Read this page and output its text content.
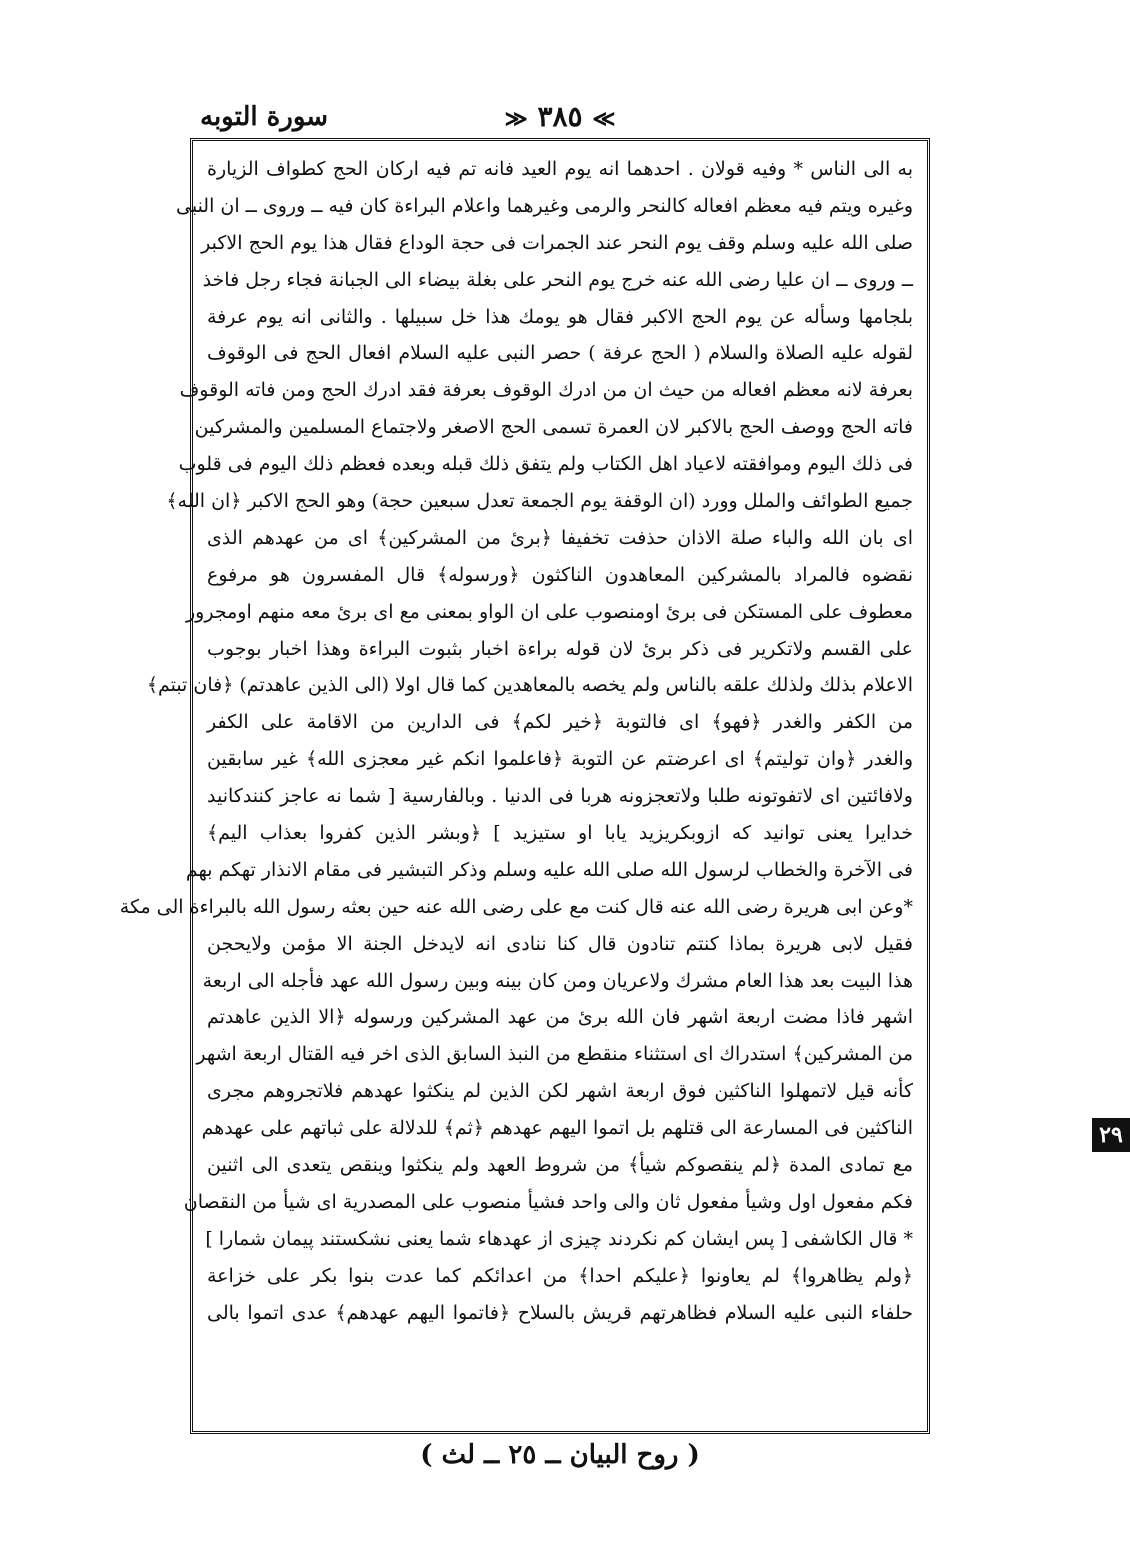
سورة التوبه	≫ ٣٨٥ ≪
به الى الناس * وفيه قولان . احدهما انه يوم العيد فانه تم فيه اركان الحج كطواف الزيارة
وغيره ويتم فيه معظم افعاله كالنحر والرمى وغيرهما واعلام البراءة كان فيه ــ وروى ــ ان النبى
صلى الله عليه وسلم وقف يوم النحر عند الجمرات فى حجة الوداع فقال هذا يوم الحج الاكبر
ــ وروى ــ ان عليا رضى الله عنه خرج يوم النحر على بغلة بيضاء الى الجبانة فجاء رجل فاخذ
بلجامها وسأله عن يوم الحج الاكبر فقال هو يومك هذا خل سبيلها . والثانى انه يوم عرفة
لقوله عليه الصلاة والسلام ( الحج عرفة ) حصر النبى عليه السلام افعال الحج فى الوقوف
بعرفة لانه معظم افعاله من حيث ان من ادرك الوقوف بعرفة فقد ادرك الحج ومن فاته الوقوف
فاته الحج ووصف الحج بالاكبر لان العمرة تسمى الحج الاصغر ولاجتماع المسلمين والمشركين
فى ذلك اليوم وموافقته لاعياد اهل الكتاب ولم يتفق ذلك قبله وبعده فعظم ذلك اليوم فى قلوب
جميع الطوائف والملل وورد (ان الوقفة يوم الجمعة تعدل سبعين حجة) وهو الحج الاكبر ﴿ان الله﴾
اى بان الله والباء صلة الاذان حذفت تخفيفا ﴿برئ من المشركين﴾ اى من عهدهم الذى
نقضوه فالمراد بالمشركين المعاهدون الناكثون ﴿ورسوله﴾ قال المفسرون هو مرفوع
معطوف على المستكن فى برئ اومنصوب على ان الواو بمعنى مع اى برئ معه منهم اومجرور
على القسم ولاتكرير فى ذكر برئ لان قوله براءة اخبار بثبوت البراءة وهذا اخبار بوجوب
الاعلام بذلك ولذلك علقه بالناس ولم يخصه بالمعاهدين كما قال اولا (الى الذين عاهدتم) ﴿فان تبتم﴾
من الكفر والغدر ﴿فهو﴾ اى فالتوبة ﴿خير لكم﴾ فى الدارين من الاقامة على الكفر
والغدر ﴿وان توليتم﴾ اى اعرضتم عن التوبة ﴿فاعلموا انكم غير معجزى الله﴾ غير سابقين
ولافائتين اى لاتفوتونه طلبا ولاتعجزونه هربا فى الدنيا . وبالفارسية [ شما نه عاجز كنندكانيد
خدايرا يعنى توانيد كه ازوبكريزيد يابا او ستيزيد ] ﴿وبشر الذين كفروا بعذاب اليم﴾
فى الآخرة والخطاب لرسول الله صلى الله عليه وسلم وذكر التبشير فى مقام الانذار تهكم بهم
*وعن ابى هريرة رضى الله عنه قال كنت مع على رضى الله عنه حين بعثه رسول الله بالبراءة الى مكة
فقيل لابى هريرة بماذا كنتم تنادون قال كنا ننادى انه لايدخل الجنة الا مؤمن ولايحجن
هذا البيت بعد هذا العام مشرك ولاعريان ومن كان بينه وبين رسول الله عهد فأجله الى اربعة
اشهر فاذا مضت اربعة اشهر فان الله برئ من عهد المشركين ورسوله ﴿الا الذين عاهدتم
من المشركين﴾ استدراك اى استثناء منقطع من النبذ السابق الذى اخر فيه القتال اربعة اشهر
كأنه قيل لاتمهلوا الناكثين فوق اربعة اشهر لكن الذين لم ينكثوا عهدهم فلاتجروهم مجرى
الناكثين فى المسارعة الى قتلهم بل اتموا اليهم عهدهم ﴿ثم﴾ للدلالة على ثباتهم على عهدهم
مع تمادى المدة ﴿لم ينقصوكم شيأ﴾ من شروط العهد ولم ينكثوا وينقص يتعدى الى اثنين
فكم مفعول اول وشيأ مفعول ثان والى واحد فشيأ منصوب على المصدرية اى شيأ من النقصان
* قال الكاشفى [ پس ايشان كم نكردند چيزى از عهدهاء شما يعنى نشكستند پيمان شمارا ]
﴿ولم يظاهروا﴾ لم يعاونوا ﴿عليكم احدا﴾ من اعدائكم كما عدت بنوا بكر على خزاعة
حلفاء النبى عليه السلام فظاهرتهم قريش بالسلاح ﴿فاتموا اليهم عهدهم﴾ عدى اتموا بالى
٢٩
( روح البيان ــ ٢٥ ــ لث )
